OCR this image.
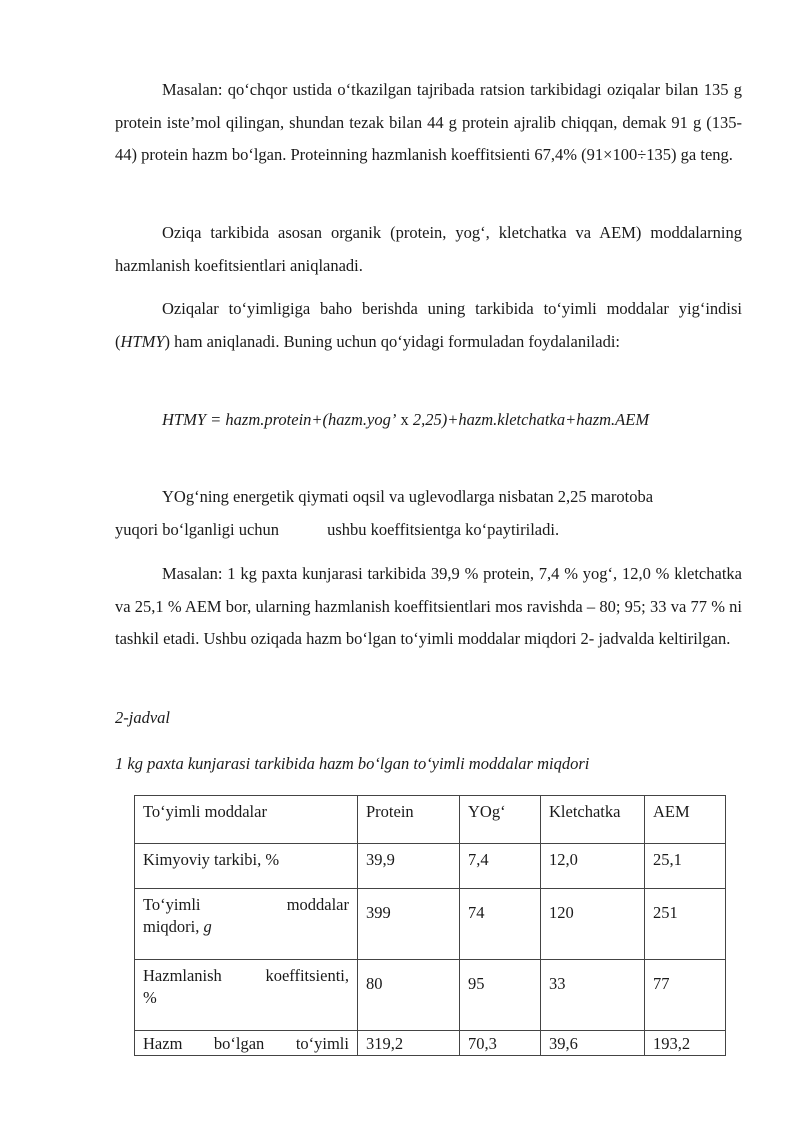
Masalan: qo‘chqor ustida o‘tkazilgan tajribada ratsion tarkibidagi oziqalar bilan 135 g protein iste’mol qilingan, shundan tezak bilan 44 g protein ajralib chiqqan, demak 91 g (135-44) protein hazm bo‘lgan. Proteinning hazmlanish koeffitsienti 67,4% (91×100÷135) ga teng.

Oziqa tarkibida asosan organik (protein, yog‘, kletchatka va AEM) moddalarning hazmlanish koefitsientlari aniqlanadi.

Oziqalar to‘yimligiga baho berishda uning tarkibida to‘yimli moddalar yig‘indisi (HTMY) ham aniqlanadi. Buning uchun qo‘yidagi formuladan foydalaniladi:

HTMY = hazm.protein+(hazm.yog’ x 2,25)+hazm.kletchatka+hazm.AEM

YOg‘ning energetik qiymati oqsil va uglevodlarga nisbatan 2,25 marotoba
yuqori bo‘lganligi uchun	ushbu koeffitsientga ko‘paytiriladi.

Masalan: 1 kg paxta kunjarasi tarkibida 39,9 % protein, 7,4 % yog‘, 12,0 % kletchatka va 25,1 % AEM bor, ularning hazmlanish koeffitsientlari mos ravishda – 80; 95; 33 va 77 % ni tashkil etadi. Ushbu oziqada hazm bo‘lgan to‘yimli moddalar miqdori 2- jadvalda keltirilgan.

2-jadval

1 kg paxta kunjarasi tarkibida hazm bo‘lgan to‘yimli moddalar miqdori

To‘yimli moddalar	Protein	YOg‘	Kletchatka	AEM
Kimyoviy tarkibi, %	39,9	7,4	12,0	25,1

To‘yimli moddalar
miqdori, g	399	74	120	251

Hazmlanish koeffitsienti,
%	80	95	33	77

Hazm bo‘lgan to‘yimli	319,2	70,3	39,6	193,2
